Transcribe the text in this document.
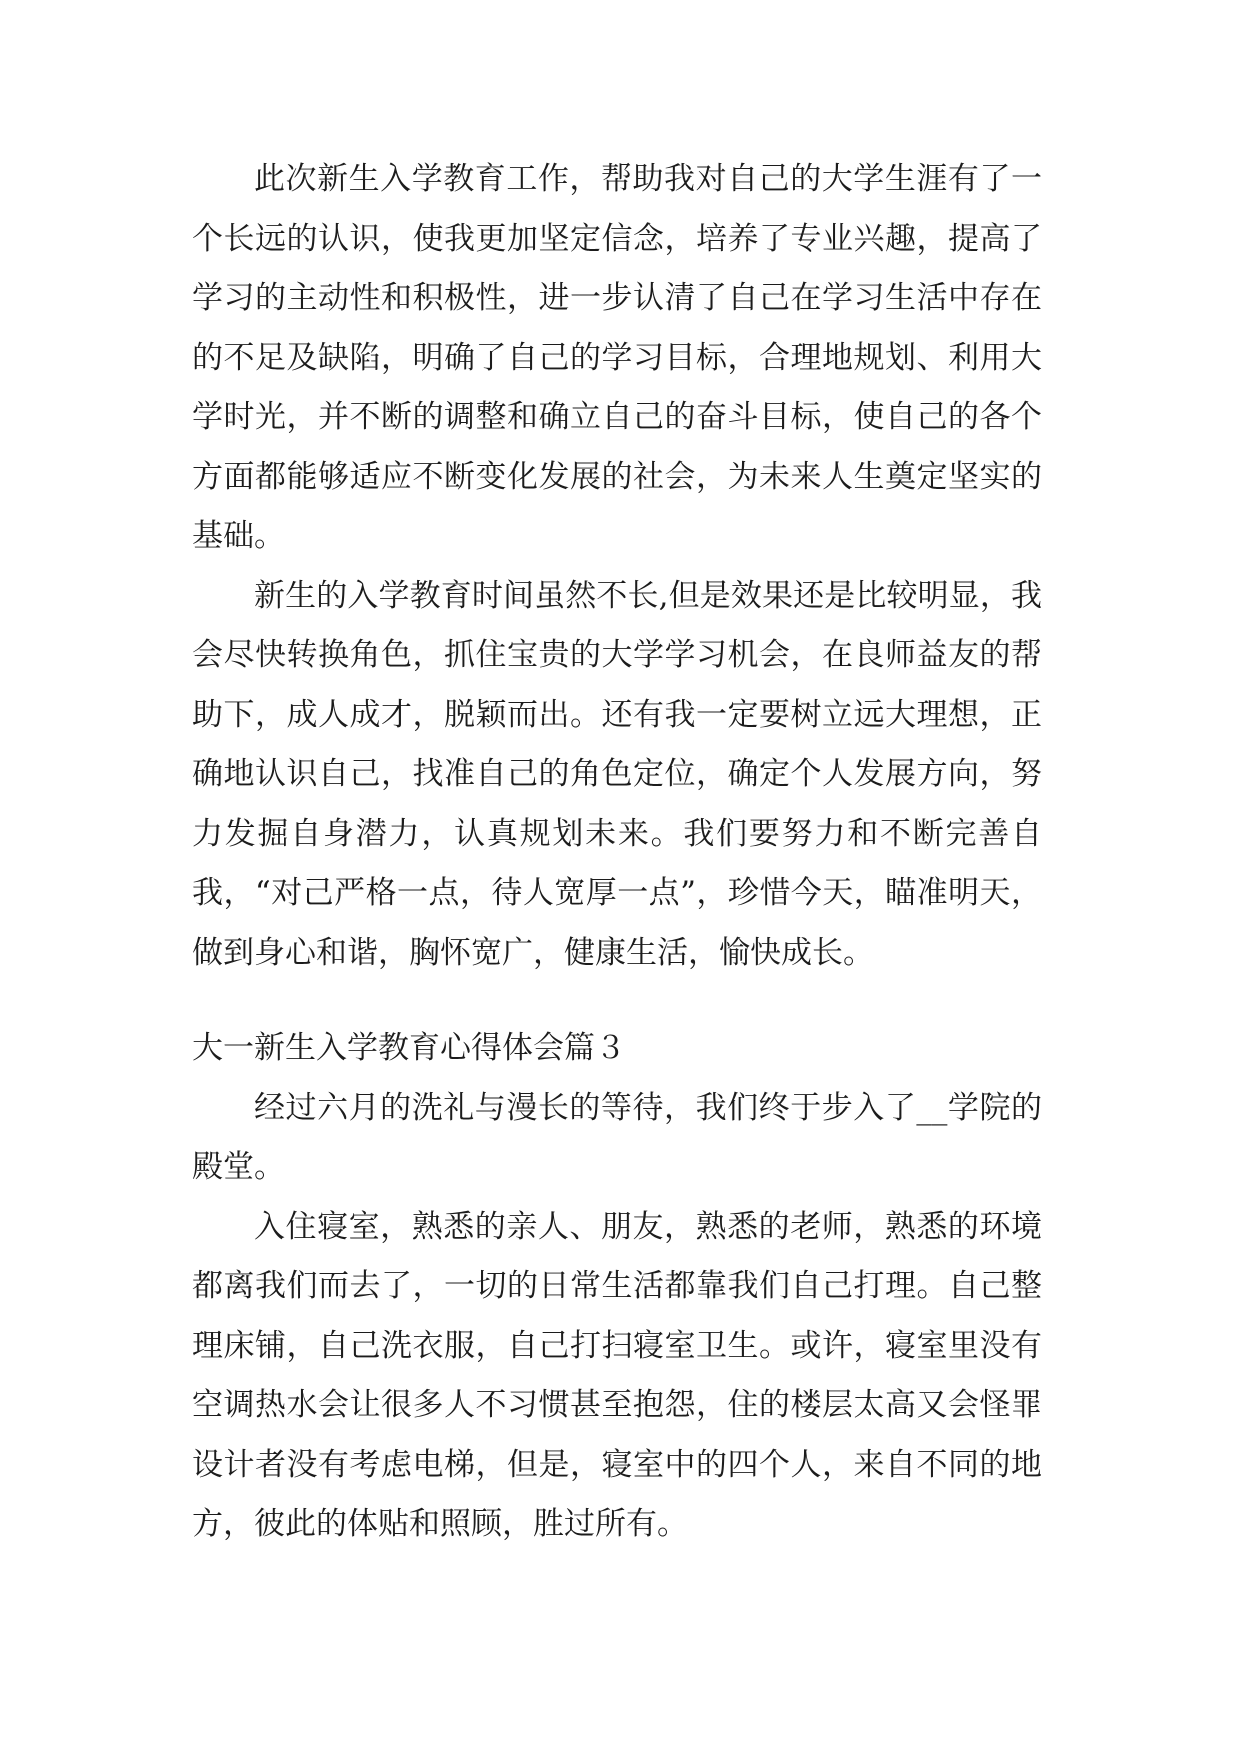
此次新生入学教育工作，帮助我对自己的大学生涯有了一个长远的认识，使我更加坚定信念，培养了专业兴趣，提高了学习的主动性和积极性，进一步认清了自己在学习生活中存在的不足及缺陷，明确了自己的学习目标，合理地规划、利用大学时光，并不断的调整和确立自己的奋斗目标，使自己的各个方面都能够适应不断变化发展的社会，为未来人生奠定坚实的基础。

新生的入学教育时间虽然不长,但是效果还是比较明显，我会尽快转换角色，抓住宝贵的大学学习机会，在良师益友的帮助下，成人成才，脱颖而出。还有我一定要树立远大理想，正确地认识自己，找准自己的角色定位，确定个人发展方向，努力发掘自身潜力，认真规划未来。我们要努力和不断完善自我，“对己严格一点，待人宽厚一点”，珍惜今天，瞄准明天，做到身心和谐，胸怀宽广，健康生活，愉快成长。

大一新生入学教育心得体会篇３

经过六月的洗礼与漫长的等待，我们终于步入了__学院的殿堂。

入住寝室，熟悉的亲人、朋友，熟悉的老师，熟悉的环境都离我们而去了，一切的日常生活都靠我们自己打理。自己整理床铺，自己洗衣服，自己打扫寝室卫生。或许，寝室里没有空调热水会让很多人不习惯甚至抱怨，住的楼层太高又会怪罪设计者没有考虑电梯，但是，寝室中的四个人，来自不同的地方，彼此的体贴和照顾，胜过所有。
